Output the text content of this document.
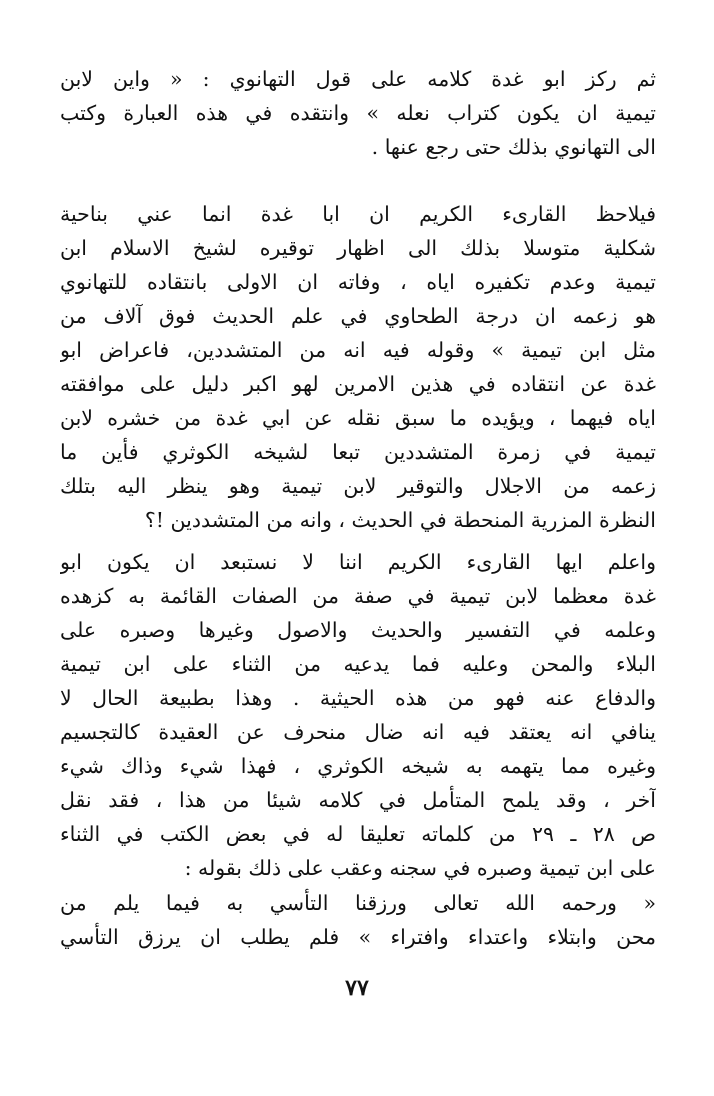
ثم ركز ابو غدة كلامه على قول التهانوي : « واين لابن
تيمية ان يكون كتراب نعله » وانتقده في هذه العبارة وكتب
الى التهانوي بذلك حتى رجع عنها .
فيلاحظ القارىء الكريم ان ابا غدة انما عني بناحية
شكلية متوسلا بذلك الى اظهار توقيره لشيخ الاسلام ابن
تيمية وعدم تكفيره اياه ، وفاته ان الاولى بانتقاده للتهانوي
هو زعمه ان درجة الطحاوي في علم الحديث فوق آلاف من
مثل ابن تيمية » وقوله فيه انه من المتشددين، فاعراض ابو
غدة عن انتقاده في هذين الامرين لهو اكبر دليل على موافقته
اياه فيهما ، ويؤيده ما سبق نقله عن ابي غدة من خشره لابن
تيمية في زمرة المتشددين تبعا لشيخه الكوثري فأين ما
زعمه من الاجلال والتوقير لابن تيمية وهو ينظر اليه بتلك
النظرة المزرية المنحطة في الحديث ، وانه من المتشددين !؟
واعلم ايها القارىء الكريم اننا لا نستبعد ان يكون ابو
غدة معظما لابن تيمية في صفة من الصفات القائمة به كزهده
وعلمه في التفسير والحديث والاصول وغيرها وصبره على
البلاء والمحن وعليه فما يدعيه من الثناء على ابن تيمية
والدفاع عنه فهو من هذه الحيثية . وهذا بطبيعة الحال لا
ينافي انه يعتقد فيه انه ضال منحرف عن العقيدة كالتجسيم
وغيره مما يتهمه به شيخه الكوثري ، فهذا شيء وذاك شيء
آخر ، وقد يلمح المتأمل في كلامه شيئا من هذا ، فقد نقل
ص ٢٨ ـ ٢٩ من كلماته تعليقا له في بعض الكتب في الثناء
على ابن تيمية وصبره في سجنه وعقب على ذلك بقوله :
« ورحمه الله تعالى ورزقنا التأسي به فيما يلم من
محن وابتلاء واعتداء وافتراء » فلم يطلب ان يرزق التأسي
٧٧
